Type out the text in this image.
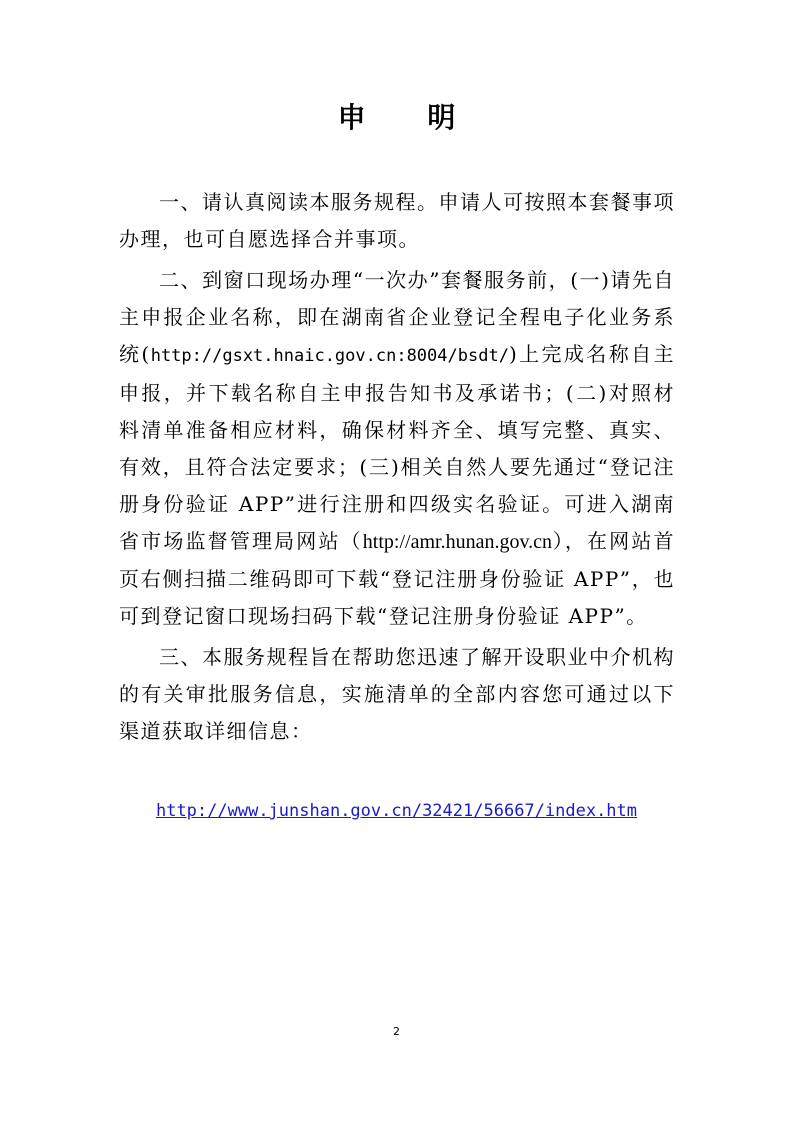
申 明

一、请认真阅读本服务规程。申请人可按照本套餐事项办理，也可自愿选择合并事项。

二、到窗口现场办理“一次办”套餐服务前，(一)请先自主申报企业名称，即在湖南省企业登记全程电子化业务系统(http://gsxt.hnaic.gov.cn:8004/bsdt/)上完成名称自主申报，并下载名称自主申报告知书及承诺书；(二)对照材料清单准备相应材料，确保材料齐全、填写完整、真实、有效，且符合法定要求；(三)相关自然人要先通过“登记注册身份验证 APP”进行注册和四级实名验证。可进入湖南省市场监督管理局网站（http://amr.hunan.gov.cn），在网站首页右侧扫描二维码即可下载“登记注册身份验证 APP”，也可到登记窗口现场扫码下载“登记注册身份验证 APP”。

三、本服务规程旨在帮助您迅速了解开设职业中介机构的有关审批服务信息，实施清单的全部内容您可通过以下渠道获取详细信息：

http://www.junshan.gov.cn/32421/56667/index.htm
2
